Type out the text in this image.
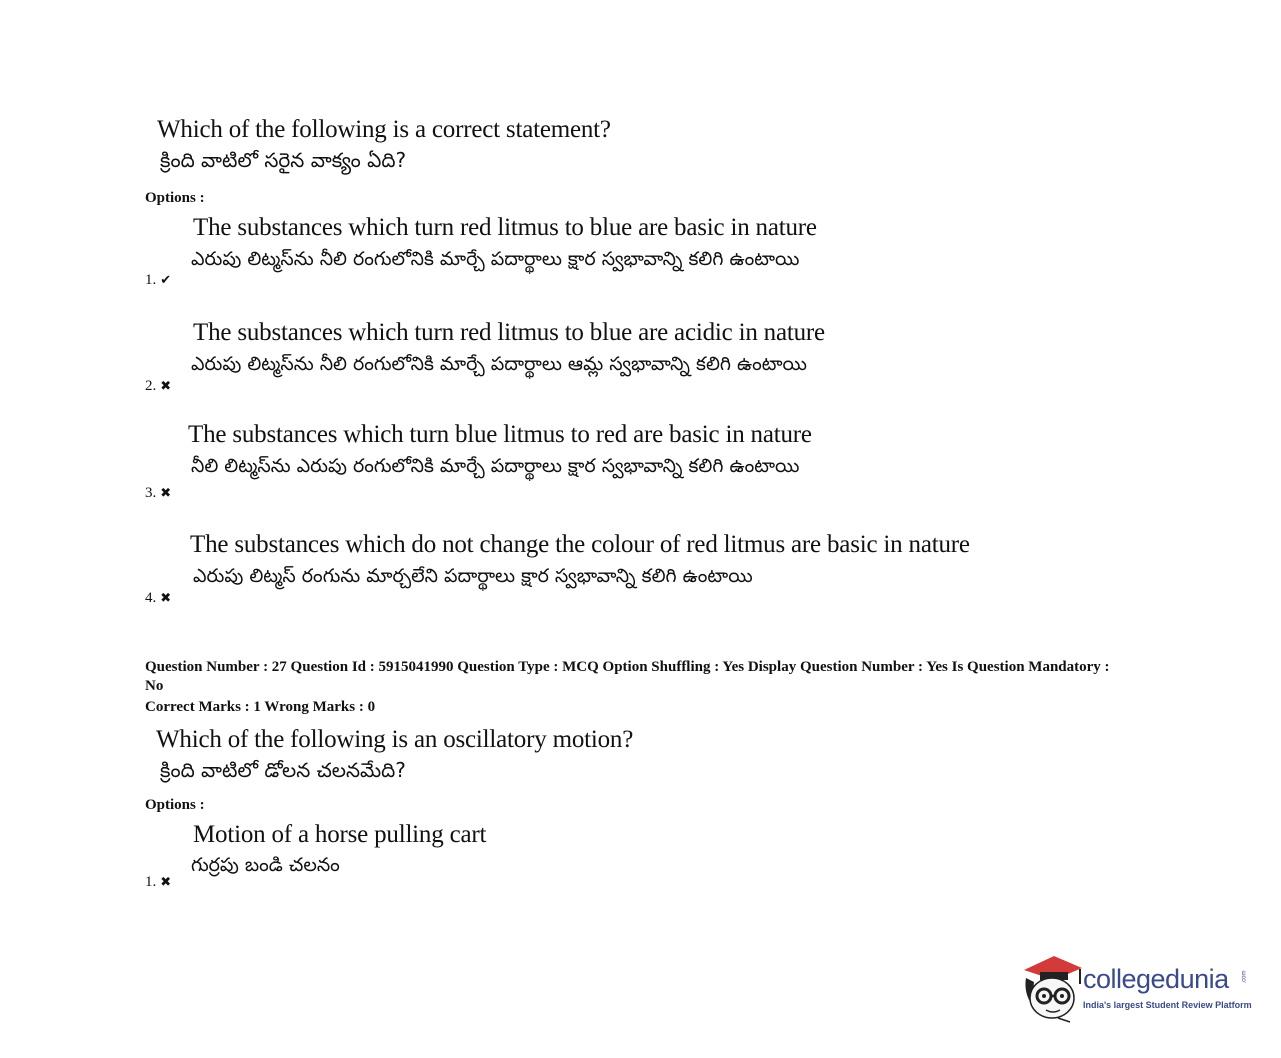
Which of the following is a correct statement?
క్రింది వాటిలో సరైన వాక్యం ఏది?
Options :
The substances which turn red litmus to blue are basic in nature
ఎరుపు లిట్మస్‌ను నీలి రంగులోనికి మార్చే పదార్థాలు క్షార స్వభావాన్ని కలిగి ఉంటాయి
1. ✔
The substances which turn red litmus to blue are acidic in nature
ఎరుపు లిట్మస్‌ను నీలి రంగులోనికి మార్చే పదార్థాలు ఆమ్ల స్వభావాన్ని కలిగి ఉంటాయి
2. ✖
The substances which turn blue litmus to red are basic in nature
నీలి లిట్మస్‌ను ఎరుపు రంగులోనికి మార్చే పదార్థాలు క్షార స్వభావాన్ని కలిగి ఉంటాయి
3. ✖
The substances which do not change the colour of red litmus are basic in nature
ఎరుపు లిట్మస్ రంగును మార్చలేని పదార్థాలు క్షార స్వభావాన్ని కలిగి ఉంటాయి
4. ✖
Question Number : 27 Question Id : 5915041990 Question Type : MCQ Option Shuffling : Yes Display Question Number : Yes Is Question Mandatory : No
Correct Marks : 1 Wrong Marks : 0
Which of the following is an oscillatory motion?
క్రింది వాటిలో డోలన చలనమేది?
Options :
Motion of a horse pulling cart
గుర్రపు బండి చలనం
1. ✖
collegedunia
India's largest Student Review Platform
.com
